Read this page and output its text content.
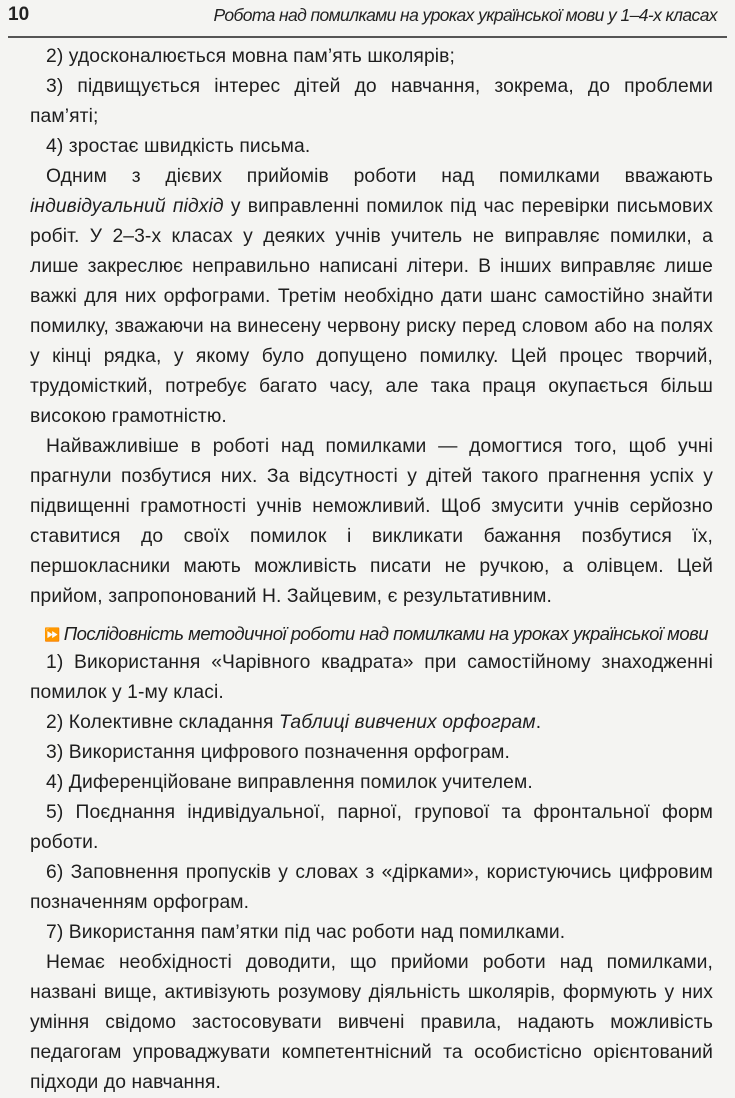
10	Робота над помилками на уроках української мови у 1–4-х класах

2) удосконалюється мовна пам’ять школярів;

3) підвищується інтерес дітей до навчання, зокрема, до проблеми пам’яті;

4) зростає швидкість письма.

Одним з дієвих прийомів роботи над помилками вважають індивідуальний підхід у виправленні помилок під час перевірки письмових робіт. У 2–3-х класах у деяких учнів учитель не виправляє помилки, а лише закреслює неправильно написані літери. В інших виправляє лише важкі для них орфограми. Третім необхідно дати шанс самостійно знайти помилку, зважаючи на винесену червону риску перед словом або на полях у кінці рядка, у якому було допущено помилку. Цей процес творчий, трудомісткий, потребує багато часу, але така праця окупається більш високою грамотністю.

Найважливіше в роботі над помилками — домогтися того, щоб учні прагнули позбутися них. За відсутності у дітей такого прагнення успіх у підвищенні грамотності учнів неможливий. Щоб змусити учнів серйозно ставитися до своїх помилок і викликати бажання позбутися їх, першокласники мають можливість писати не ручкою, а олівцем. Цей прийом, запропонований Н. Зайцевим, є результативним.

⏩ Послідовність методичної роботи над помилками на уроках української мови

1) Використання «Чарівного квадрата» при самостійному знаходженні помилок у 1-му класі.

2) Колективне складання Таблиці вивчених орфограм.

3) Використання цифрового позначення орфограм.

4) Диференційоване виправлення помилок учителем.

5) Поєднання індивідуальної, парної, групової та фронтальної форм роботи.

6) Заповнення пропусків у словах з «дірками», користуючись цифровим позначенням орфограм.

7) Використання пам’ятки під час роботи над помилками.

Немає необхідності доводити, що прийоми роботи над помилками, названі вище, активізують розумову діяльність школярів, формують у них уміння свідомо застосовувати вивчені правила, надають можливість педагогам упроваджувати компетентнісний та особистісно орієнтований підходи до навчання.
